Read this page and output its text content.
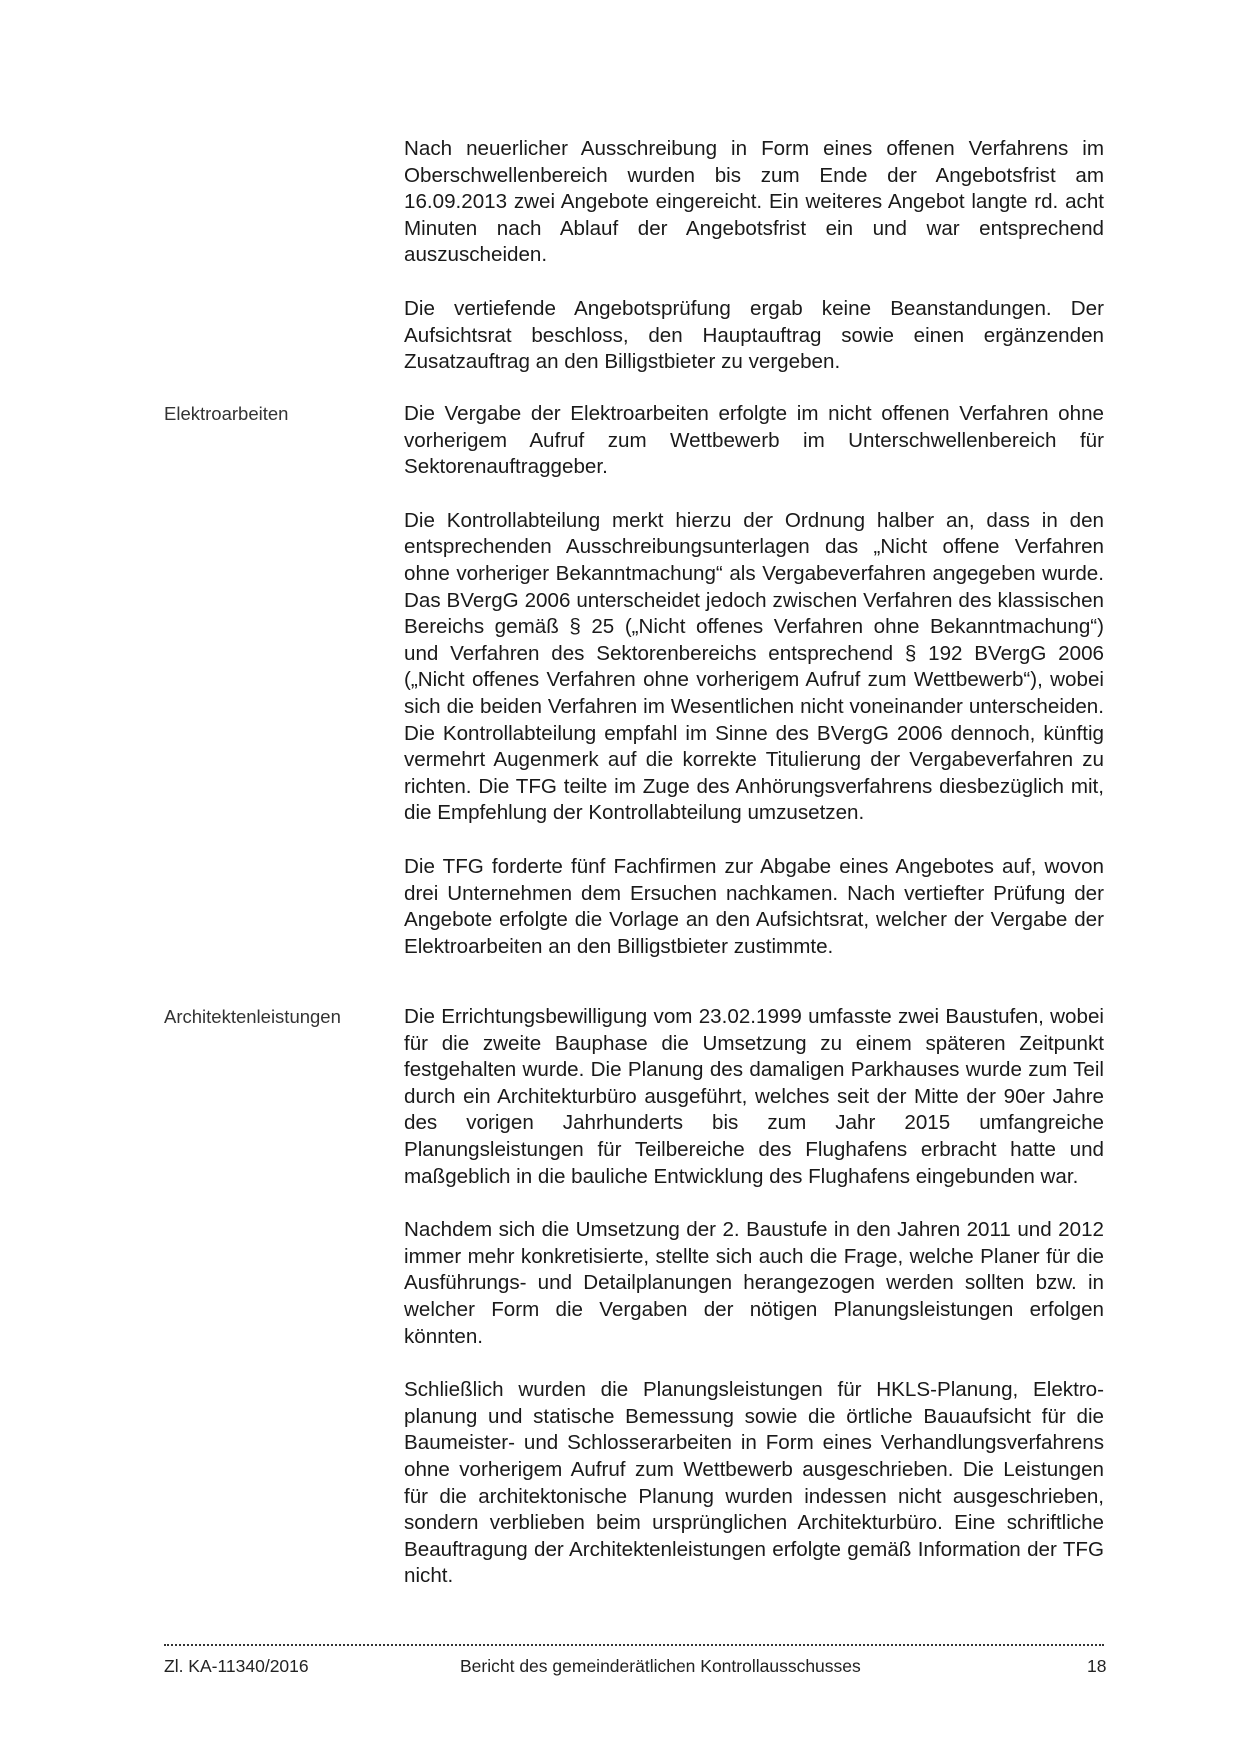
Nach neuerlicher Ausschreibung in Form eines offenen Verfahrens im Oberschwellenbereich wurden bis zum Ende der Angebotsfrist am 16.09.2013 zwei Angebote eingereicht. Ein weiteres Angebot langte rd. acht Minuten nach Ablauf der Angebotsfrist ein und war entsprechend auszuscheiden.

Die vertiefende Angebotsprüfung ergab keine Beanstandungen. Der Aufsichtsrat beschloss, den Hauptauftrag sowie einen ergänzenden Zusatzauftrag an den Billigstbieter zu vergeben.

Elektroarbeiten	Die Vergabe der Elektroarbeiten erfolgte im nicht offenen Verfahren ohne vorherigem Aufruf zum Wettbewerb im Unterschwellenbereich für Sektorenauftraggeber.

Die Kontrollabteilung merkt hierzu der Ordnung halber an, dass in den entsprechenden Ausschreibungsunterlagen das „Nicht offene Verfahren ohne vorheriger Bekanntmachung“ als Vergabeverfahren angegeben wurde. Das BVergG 2006 unterscheidet jedoch zwischen Verfahren des klassischen Bereichs gemäß § 25 („Nicht offenes Verfahren ohne Bekanntmachung“) und Verfahren des Sektorenbereichs entsprechend § 192 BVergG 2006 („Nicht offenes Verfahren ohne vorherigem Aufruf zum Wettbewerb“), wobei sich die beiden Verfahren im Wesentlichen nicht voneinander unterscheiden. Die Kontrollabteilung empfahl im Sinne des BVergG 2006 dennoch, künftig vermehrt Augenmerk auf die korrekte Titulierung der Vergabeverfahren zu richten. Die TFG teilte im Zuge des Anhörungsverfahrens diesbezüglich mit, die Empfehlung der Kontrollabteilung umzusetzen.

Die TFG forderte fünf Fachfirmen zur Abgabe eines Angebotes auf, wovon drei Unternehmen dem Ersuchen nachkamen. Nach vertiefter Prüfung der Angebote erfolgte die Vorlage an den Aufsichtsrat, welcher der Vergabe der Elektroarbeiten an den Billigstbieter zustimmte.

Architektenleistungen	Die Errichtungsbewilligung vom 23.02.1999 umfasste zwei Baustufen, wobei für die zweite Bauphase die Umsetzung zu einem späteren Zeitpunkt festgehalten wurde. Die Planung des damaligen Parkhauses wurde zum Teil durch ein Architekturbüro ausgeführt, welches seit der Mitte der 90er Jahre des vorigen Jahrhunderts bis zum Jahr 2015 umfangreiche Planungsleistungen für Teilbereiche des Flughafens erbracht hatte und maßgeblich in die bauliche Entwicklung des Flughafens eingebunden war.

Nachdem sich die Umsetzung der 2. Baustufe in den Jahren 2011 und 2012 immer mehr konkretisierte, stellte sich auch die Frage, welche Planer für die Ausführungs- und Detailplanungen herangezogen werden sollten bzw. in welcher Form die Vergaben der nötigen Planungsleistungen erfolgen könnten.

Schließlich wurden die Planungsleistungen für HKLS-Planung, Elektroplanung und statische Bemessung sowie die örtliche Bauaufsicht für die Baumeister- und Schlosserarbeiten in Form eines Verhandlungsverfahrens ohne vorherigem Aufruf zum Wettbewerb ausgeschrieben. Die Leistungen für die architektonische Planung wurden indessen nicht ausgeschrieben, sondern verblieben beim ursprünglichen Architekturbüro. Eine schriftliche Beauftragung der Architektenleistungen erfolgte gemäß Information der TFG nicht.

Zl. KA-11340/2016	Bericht des gemeinderätlichen Kontrollausschusses	18
